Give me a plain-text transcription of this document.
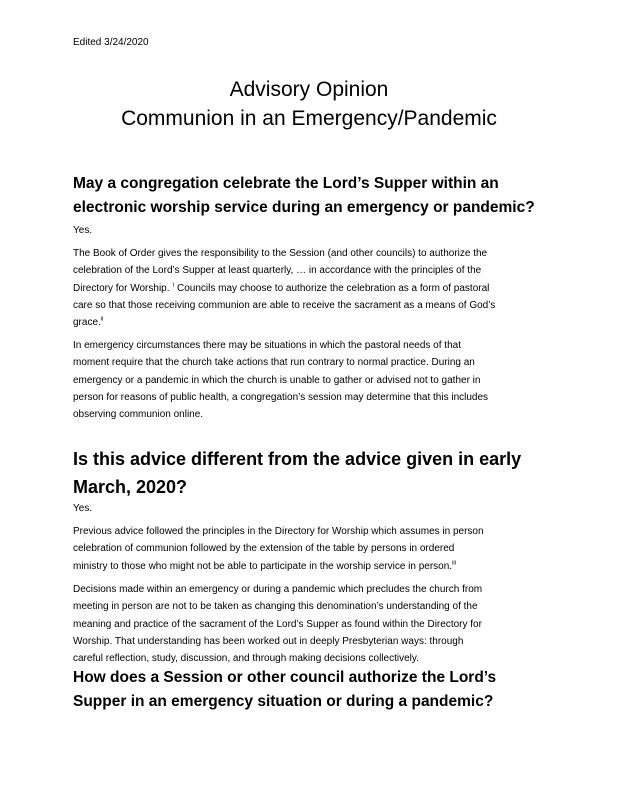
Edited 3/24/2020
Advisory Opinion
Communion in an Emergency/Pandemic
May a congregation celebrate the Lord’s Supper within an electronic worship service during an emergency or pandemic?
Yes.
The Book of Order gives the responsibility to the Session (and other councils) to authorize the
celebration of the Lord’s Supper at least quarterly, … in accordance with the principles of the
Directory for Worship. $^i$ Councils may choose to authorize the celebration as a form of pastoral
care so that those receiving communion are able to receive the sacrament as a means of God’s
grace.$^{ii}$
In emergency circumstances there may be situations in which the pastoral needs of that
moment require that the church take actions that run contrary to normal practice. During an
emergency or a pandemic in which the church is unable to gather or advised not to gather in
person for reasons of public health, a congregation’s session may determine that this includes
observing communion online.
Is this advice different from the advice given in early March, 2020?
Yes.
Previous advice followed the principles in the Directory for Worship which assumes in person
celebration of communion followed by the extension of the table by persons in ordered
ministry to those who might not be able to participate in the worship service in person.$^{iii}$
Decisions made within an emergency or during a pandemic which precludes the church from
meeting in person are not to be taken as changing this denomination’s understanding of the
meaning and practice of the sacrament of the Lord’s Supper as found within the Directory for
Worship. That understanding has been worked out in deeply Presbyterian ways: through
careful reflection, study, discussion, and through making decisions collectively.
How does a Session or other council authorize the Lord’s Supper in an emergency situation or during a pandemic?
